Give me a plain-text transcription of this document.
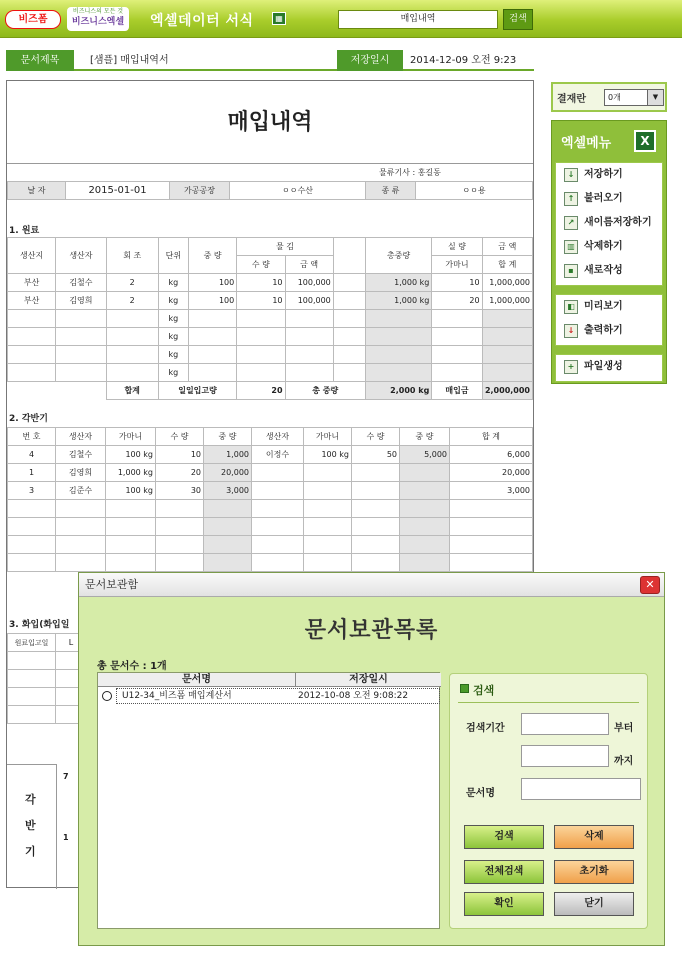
비즈폼
비즈니스의 모든 것
비즈니스엑셀	엑셀데이터 서식	▦	매입내역	검색
문서제목	[샘플] 매입내역서	저장일시	2014-12-09 오전 9:23
매입내역
물류기사 : 홍길동
날 자	2015-01-01	가공공장	ㅇㅇ수산	종 류	ㅇㅇ용
1. 원료
생산지	생산자	회 조	단위	중 량	물 김			총중량	실 량	금 액
					수 량	금 액			가마니	합 계
부산	김철수	2	kg	100	10	100,000		1,000 kg	10	1,000,000
부산	김영희	2	kg	100	10	100,000		1,000 kg	20	1,000,000
			kg							
			kg							
			kg							
			kg							
		합계	일일입고량		20	총 중량		2,000 kg	매입금	2,000,000
2. 각반기
번 호	생산자	가마니	수 량	중 량	생산자	가마니	수 량	중 량	합 계
4	김철수	100 kg	10	1,000	이정수	100 kg	50	5,000	6,000
1	김영희	1,000 kg	20	20,000					20,000
3	김준수	100 kg	30	3,000					3,000

3. 화입(화입일
원료입고일	L

각
반
기
7
1
결재란	0개	▼
엑셀메뉴	X
↓ 저장하기
↑ 불러오기
↗ 새이름저장하기
▥ 삭제하기
▪	새로작성
◧ 미리보기
↓ 출력하기
+ 파일생성
문서보관함	✕
문서보관목록
총 문서수 : 1개
문서명	저장일시
U12-34_비즈폼 매입계산서	2012-10-08 오전 9:08:22	검색
검색기간	부터
까지
문서명
검색	삭제
전체검색	초기화
확인	닫기
